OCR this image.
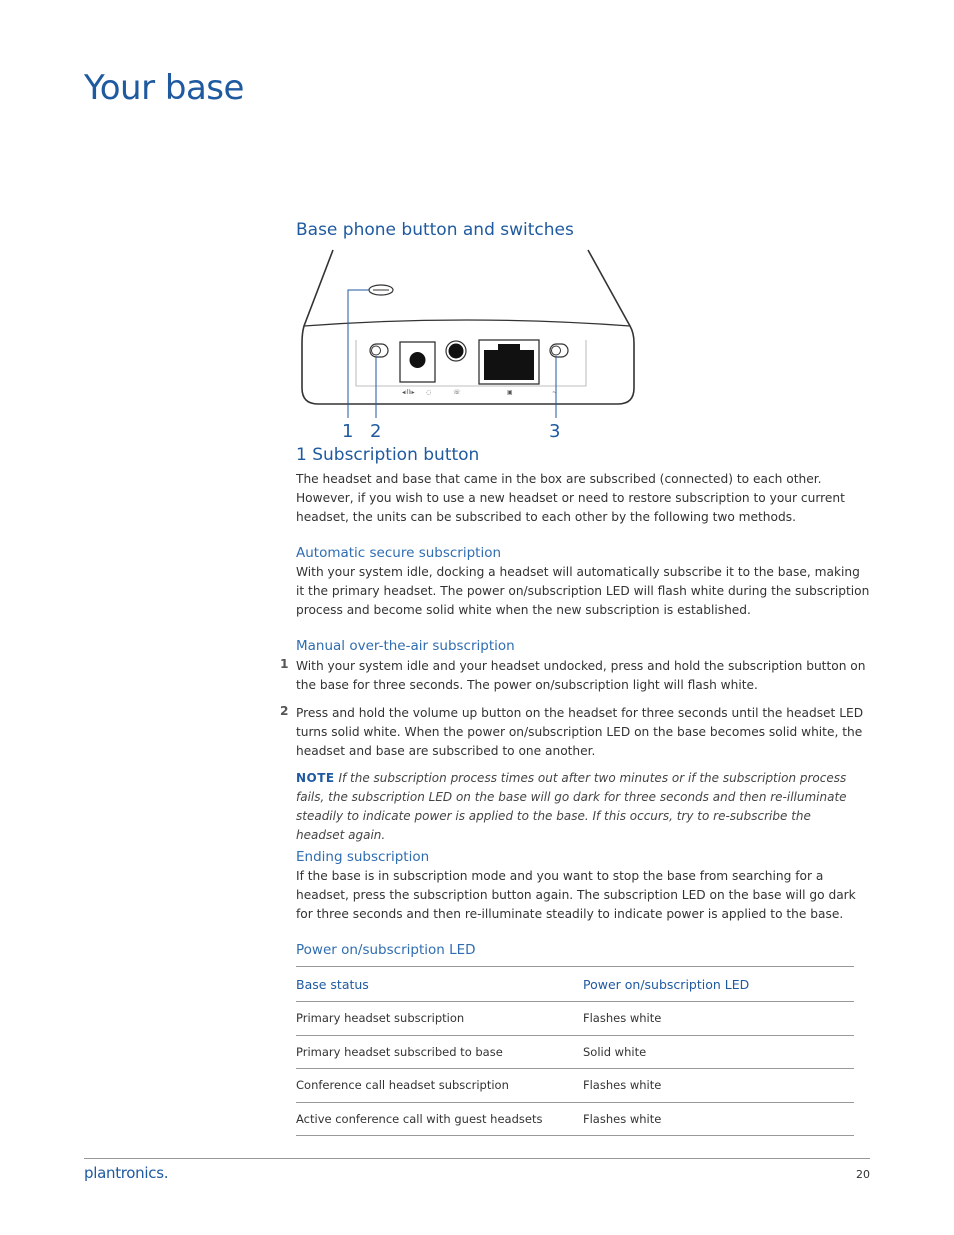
Your base
Base phone button and switches
◂ıllı▸ ◌	☏	▣	~
1 2	3
1 Subscription button

The headset and base that came in the box are subscribed (connected) to each other. However, if you wish to use a new headset or need to restore subscription to your current headset, the units can be subscribed to each other by the following two methods.

Automatic secure subscription

With your system idle, docking a headset will automatically subscribe it to the base, making it the primary headset. The power on/subscription LED will flash white during the subscription process and become solid white when the new subscription is established.

Manual over-the-air subscription
1 With your system idle and your headset undocked, press and hold the subscription button on the base for three seconds. The power on/subscription light will flash white.

2 Press and hold the volume up button on the headset for three seconds until the headset LED turns solid white. When the power on/subscription LED on the base becomes solid white, the headset and base are subscribed to one another.

NOTE If the subscription process times out after two minutes or if the subscription process fails, the subscription LED on the base will go dark for three seconds and then re-illuminate steadily to indicate power is applied to the base. If this occurs, try to re-subscribe the headset again.

Ending subscription

If the base is in subscription mode and you want to stop the base from searching for a headset, press the subscription button again. The subscription LED on the base will go dark for three seconds and then re-illuminate steadily to indicate power is applied to the base.

Power on/subscription LED
Base status	Power on/subscription LED
Primary headset subscription	Flashes white
Primary headset subscribed to base	Solid white
Conference call headset subscription	Flashes white
Active conference call with guest headsets	Flashes white
plantronics.	20
